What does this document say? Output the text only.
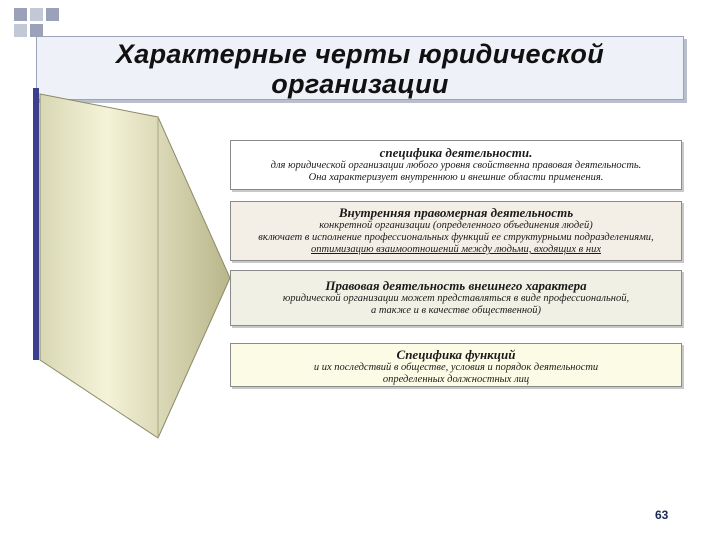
Характерные черты юридической
организации
специфика деятельности.
для юридической организации любого уровня свойственна правовая деятельность.
Она характеризует внутреннюю и внешние области применения.
Внутренняя правомерная деятельность
конкретной организации (определенного объединения людей)
включает в исполнение профессиональных функций ее структурными подразделениями,
оптимизацию взаимоотношений между людьми, входящих в них
Правовая деятельность внешнего характера
юридической организации может представляться в виде профессиональной,
а также и в качестве общественной)
Специфика функций
и их последствий в обществе, условия и порядок деятельности
определенных должностных лиц
63
